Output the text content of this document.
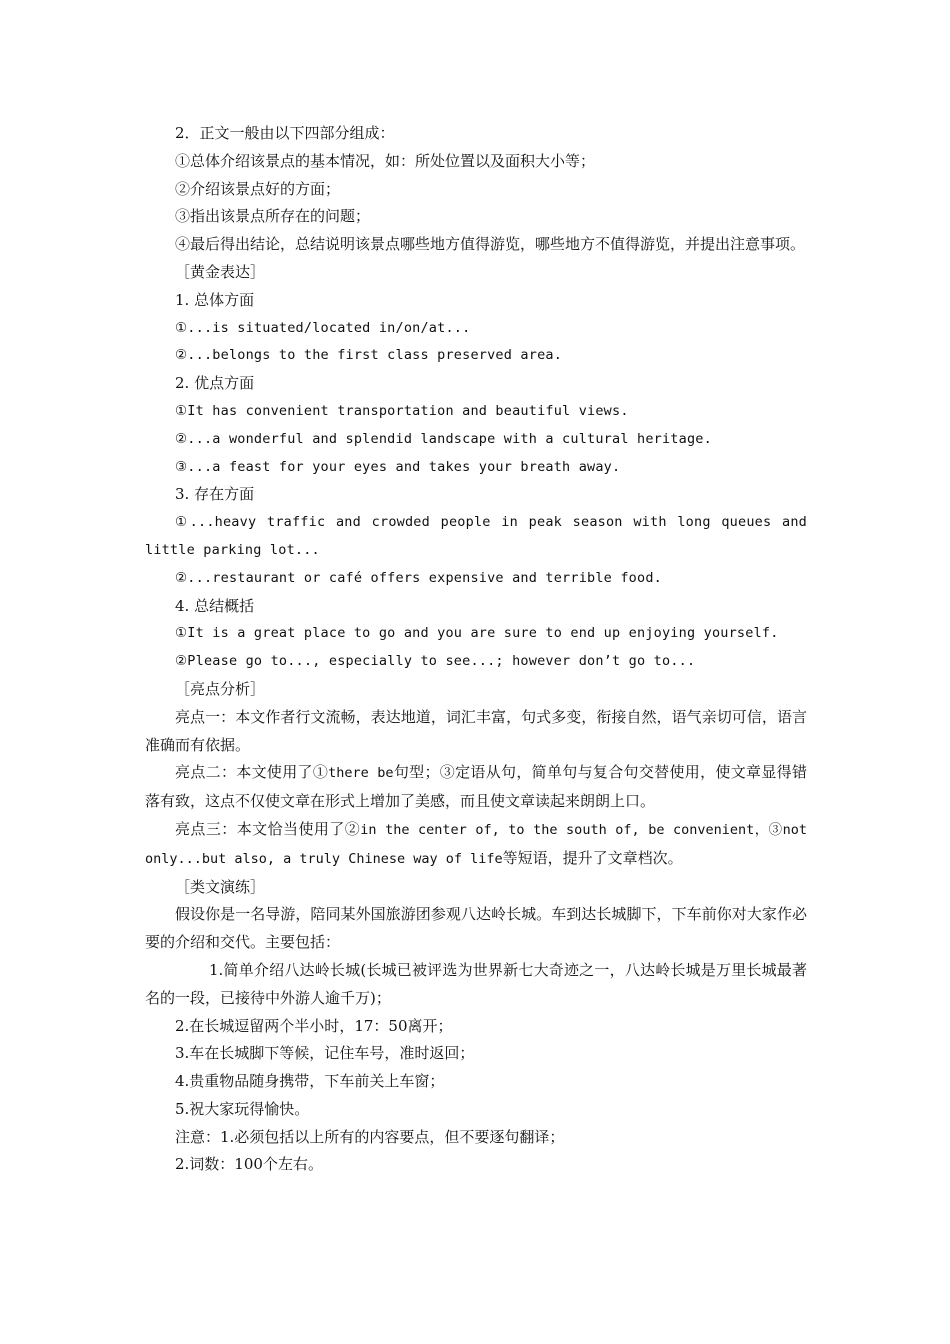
2．正文一般由以下四部分组成：

①总体介绍该景点的基本情况，如：所处位置以及面积大小等；

②介绍该景点好的方面；

③指出该景点所存在的问题；

④最后得出结论，总结说明该景点哪些地方值得游览，哪些地方不值得游览，并提出注意事项。

［黄金表达］

1. 总体方面

①...is situated/located in/on/at...

②...belongs to the first class preserved area.

2. 优点方面

①It has convenient transportation and beautiful views.

②...a wonderful and splendid landscape with a cultural heritage.

③...a feast for your eyes and takes your breath away.

3. 存在方面

①...heavy traffic and crowded people in peak season with long queues and little parking lot...

②...restaurant or café offers expensive and terrible food.

4. 总结概括

①It is a great place to go and you are sure to end up enjoying yourself.

②Please go to..., especially to see...; however don’t go to...

［亮点分析］

亮点一：本文作者行文流畅，表达地道，词汇丰富，句式多变，衔接自然，语气亲切可信，语言准确而有依据。

亮点二：本文使用了①there be句型；③定语从句，简单句与复合句交替使用，使文章显得错落有致，这点不仅使文章在形式上增加了美感，而且使文章读起来朗朗上口。

亮点三：本文恰当使用了②in the center of, to the south of, be convenient，③not only...but also, a truly Chinese way of life等短语，提升了文章档次。

［类文演练］

假设你是一名导游，陪同某外国旅游团参观八达岭长城。车到达长城脚下，下车前你对大家作必要的介绍和交代。主要包括：

1.简单介绍八达岭长城(长城已被评选为世界新七大奇迹之一，八达岭长城是万里长城最著名的一段，已接待中外游人逾千万)；

2.在长城逗留两个半小时，17：50离开；

3.车在长城脚下等候，记住车号，准时返回；

4.贵重物品随身携带，下车前关上车窗；

5.祝大家玩得愉快。

注意：1.必须包括以上所有的内容要点，但不要逐句翻译；

2.词数：100个左右。
